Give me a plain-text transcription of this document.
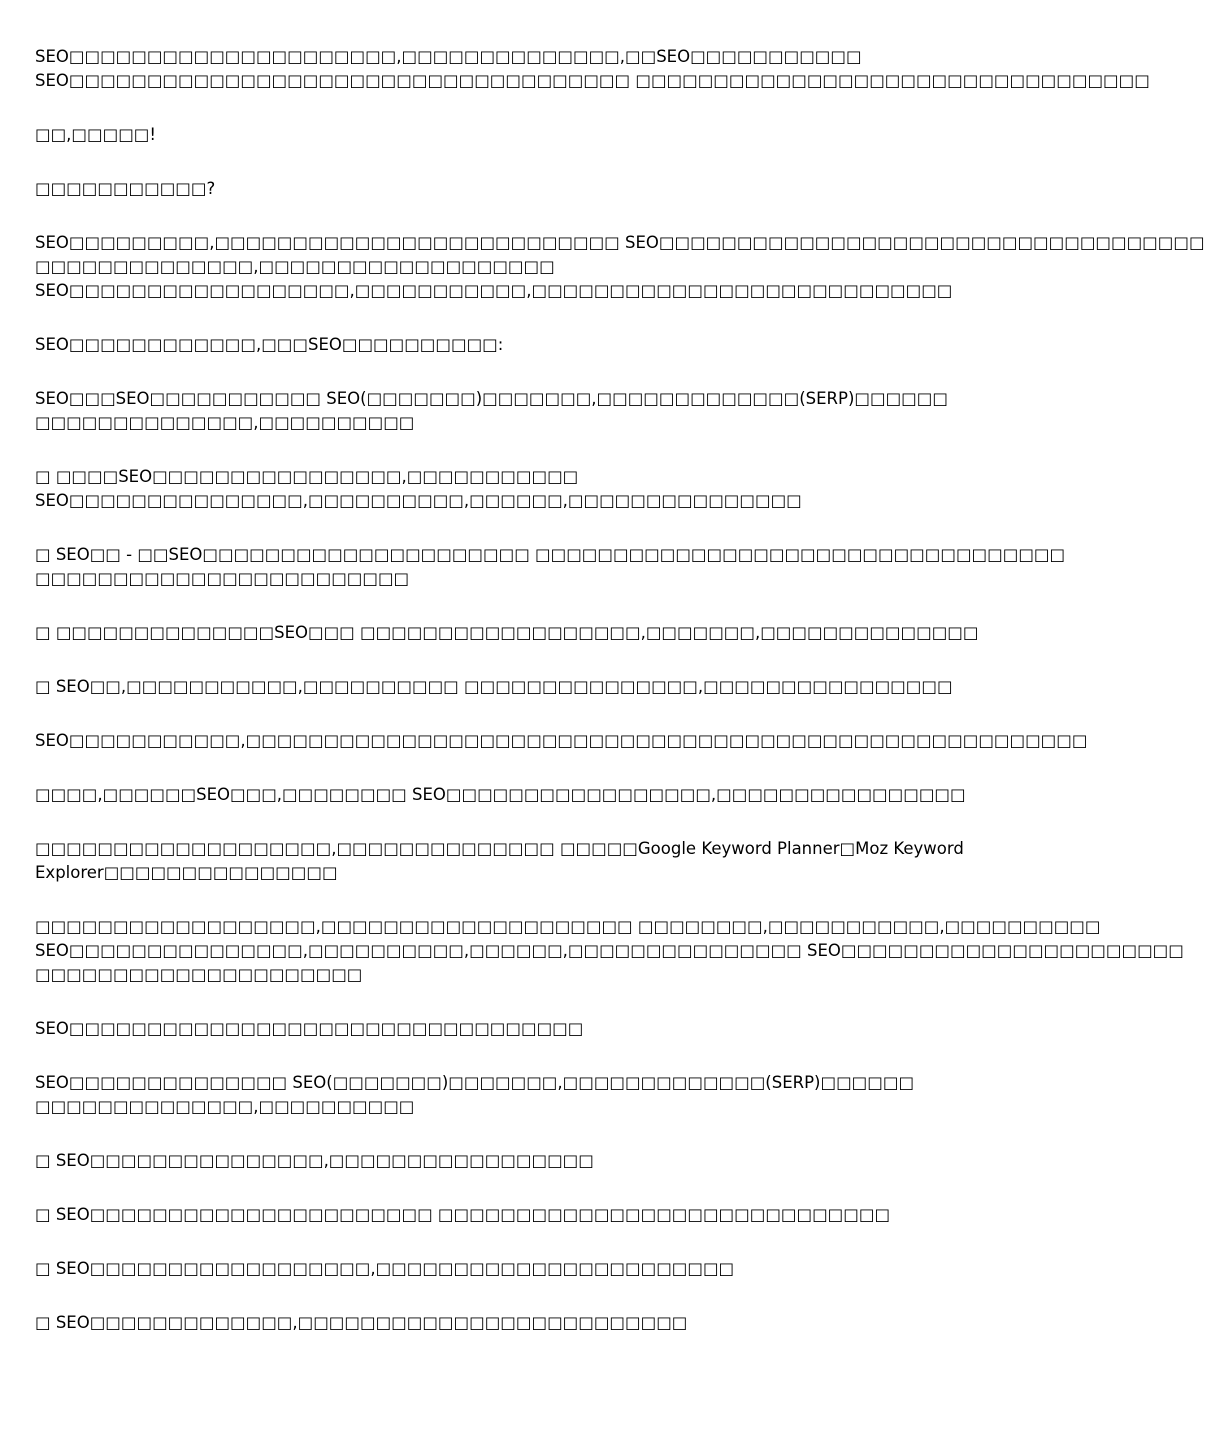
SEO□□□□□□□□□□□□□□□□□□□□□,□□□□□□□□□□□□□□,□□SEO□□□□□□□□□□□
SEO□□□□□□□□□□□□□□□□□□□□□□□□□□□□□□□□□□□□ □□□□□□□□□□□□□□□□□□□□□□□□□□□□□□□□□

□□,□□□□□!

□□□□□□□□□□□?

SEO□□□□□□□□□,□□□□□□□□□□□□□□□□□□□□□□□□□□ SEO□□□□□□□□□□□□□□□□□□□□□□□□□□□□□□□□□□□
□□□□□□□□□□□□□□,□□□□□□□□□□□□□□□□□□□
SEO□□□□□□□□□□□□□□□□□□,□□□□□□□□□□□,□□□□□□□□□□□□□□□□□□□□□□□□□□□

SEO□□□□□□□□□□□□,□□□SEO□□□□□□□□□□:

SEO□□□SEO□□□□□□□□□□□ SEO(□□□□□□□)□□□□□□□,□□□□□□□□□□□□□(SERP)□□□□□□
□□□□□□□□□□□□□□,□□□□□□□□□□

□ □□□□SEO□□□□□□□□□□□□□□□□,□□□□□□□□□□□
SEO□□□□□□□□□□□□□□□,□□□□□□□□□□,□□□□□□,□□□□□□□□□□□□□□□

□ SEO□□ - □□SEO□□□□□□□□□□□□□□□□□□□□□ □□□□□□□□□□□□□□□□□□□□□□□□□□□□□□□□□□
□□□□□□□□□□□□□□□□□□□□□□□□

□ □□□□□□□□□□□□□□SEO□□□ □□□□□□□□□□□□□□□□□□,□□□□□□□,□□□□□□□□□□□□□□

□ SEO□□,□□□□□□□□□□□,□□□□□□□□□□ □□□□□□□□□□□□□□□,□□□□□□□□□□□□□□□□

SEO□□□□□□□□□□□,□□□□□□□□□□□□□□□□□□□□□□□□□□□□□□□□□□□□□□□□□□□□□□□□□□□□□□

□□□□,□□□□□□SEO□□□,□□□□□□□□ SEO□□□□□□□□□□□□□□□□□,□□□□□□□□□□□□□□□□

□□□□□□□□□□□□□□□□□□□,□□□□□□□□□□□□□□ □□□□□Google Keyword Planner□Moz Keyword
Explorer□□□□□□□□□□□□□□□

□□□□□□□□□□□□□□□□□□,□□□□□□□□□□□□□□□□□□□□ □□□□□□□□,□□□□□□□□□□□,□□□□□□□□□□
SEO□□□□□□□□□□□□□□□,□□□□□□□□□□,□□□□□□,□□□□□□□□□□□□□□□ SEO□□□□□□□□□□□□□□□□□□□□□□
□□□□□□□□□□□□□□□□□□□□□

SEO□□□□□□□□□□□□□□□□□□□□□□□□□□□□□□□□□

SEO□□□□□□□□□□□□□□ SEO(□□□□□□□)□□□□□□□,□□□□□□□□□□□□□(SERP)□□□□□□
□□□□□□□□□□□□□□,□□□□□□□□□□

□ SEO□□□□□□□□□□□□□□□,□□□□□□□□□□□□□□□□□

□ SEO□□□□□□□□□□□□□□□□□□□□□□ □□□□□□□□□□□□□□□□□□□□□□□□□□□□□

□ SEO□□□□□□□□□□□□□□□□□□,□□□□□□□□□□□□□□□□□□□□□□□

□ SEO□□□□□□□□□□□□□,□□□□□□□□□□□□□□□□□□□□□□□□□
